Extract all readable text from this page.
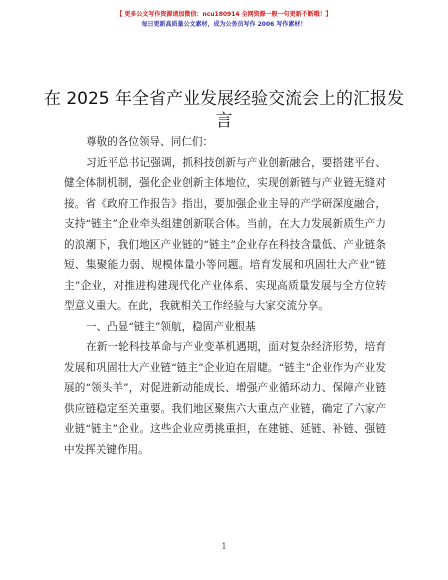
【 更多公文写作资源请加微信：ncu180914 全网资源一般一句更新不断哦！】
每日更新高质量公文素材，成为公务员写作 2006 写作素材！
在 2025 年全省产业发展经验交流会上的汇报发言

尊敬的各位领导、同仁们：

习近平总书记强调，抓科技创新与产业创新融合，要搭建平台、健全体制机制，强化企业创新主体地位，实现创新链与产业链无缝对接。省《政府工作报告》指出，要加强企业主导的产学研深度融合，支持“链主”企业牵头组建创新联合体。当前，在大力发展新质生产力的浪潮下，我们地区产业链的“链主”企业存在科技含量低、产业链条短、集聚能力弱、规模体量小等问题。培育发展和巩固壮大产业“链主”企业，对推进构建现代化产业体系、实现高质量发展与全方位转型意义重大。在此，我就相关工作经验与大家交流分享。

一、凸显“链主”领航，稳固产业根基

在新一轮科技革命与产业变革机遇期，面对复杂经济形势，培育发展和巩固壮大产业链“链主”企业迫在眉睫。“链主”企业作为产业发展的“领头羊”，对促进新动能成长、增强产业循环动力、保障产业链供应链稳定至关重要。我们地区聚焦六大重点产业链，确定了六家产业链“链主”企业。这些企业应勇挑重担，在建链、延链、补链、强链中发挥关键作用。

1
